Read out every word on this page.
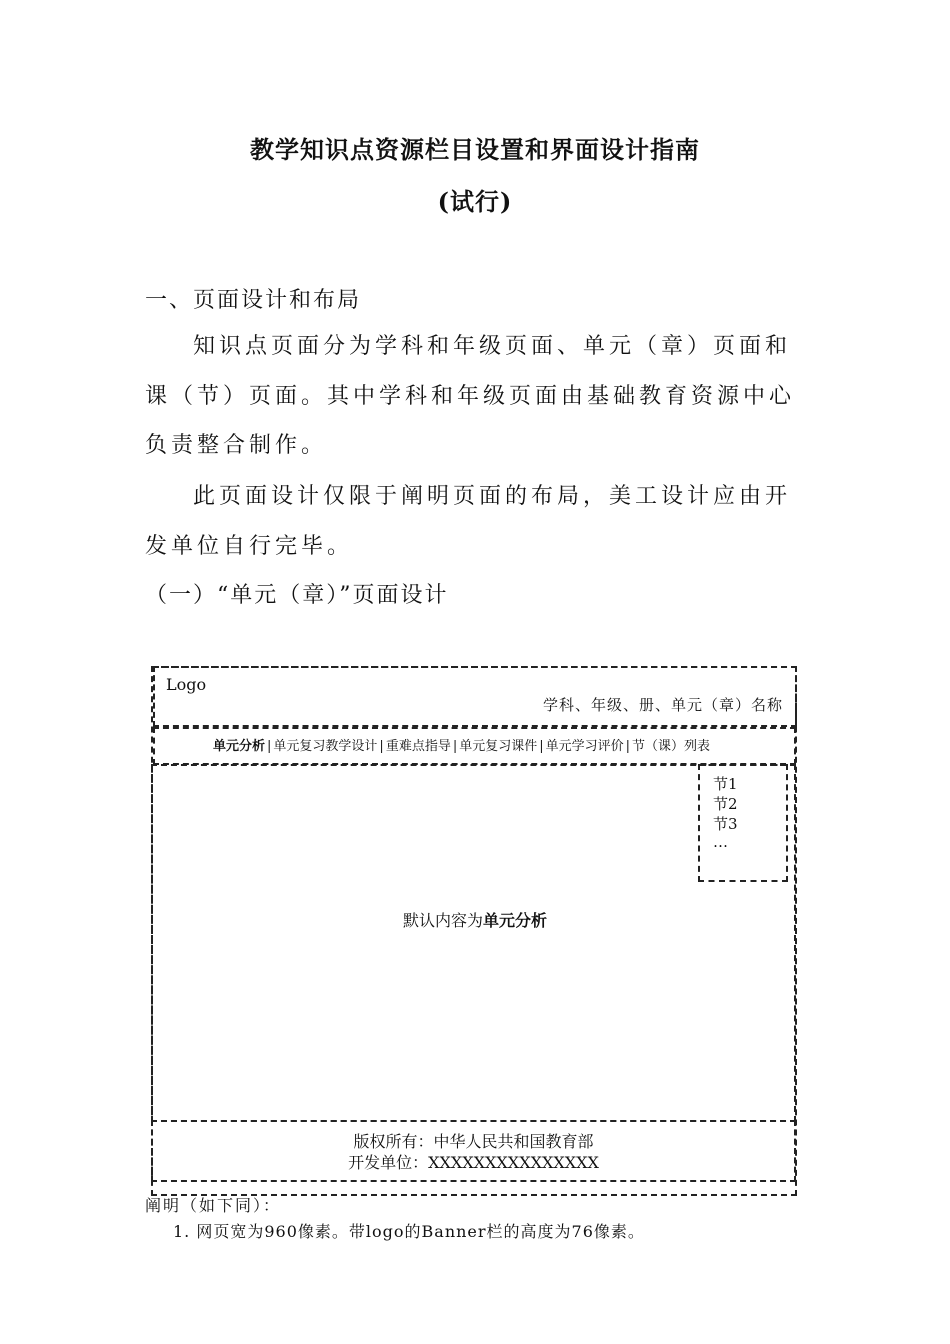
教学知识点资源栏目设置和界面设计指南
(试行)
一、页面设计和布局
知识点页面分为学科和年级页面、单元（章）页面和课（节）页面。其中学科和年级页面由基础教育资源中心负责整合制作。
此页面设计仅限于阐明页面的布局，美工设计应由开发单位自行完毕。
（一）“单元（章）”页面设计
Logo
学科、年级、册、单元（章）名称
单元分析 | 单元复习教学设计 | 重难点指导 | 单元复习课件 | 单元学习评价 | 节（课）列表
节1
节2
节3
…
默认内容为单元分析
版权所有：中华人民共和国教育部
开发单位：XXXXXXXXXXXXXXX
阐明（如下同）：
1. 网页宽为960像素。带logo的Banner栏的高度为76像素。
